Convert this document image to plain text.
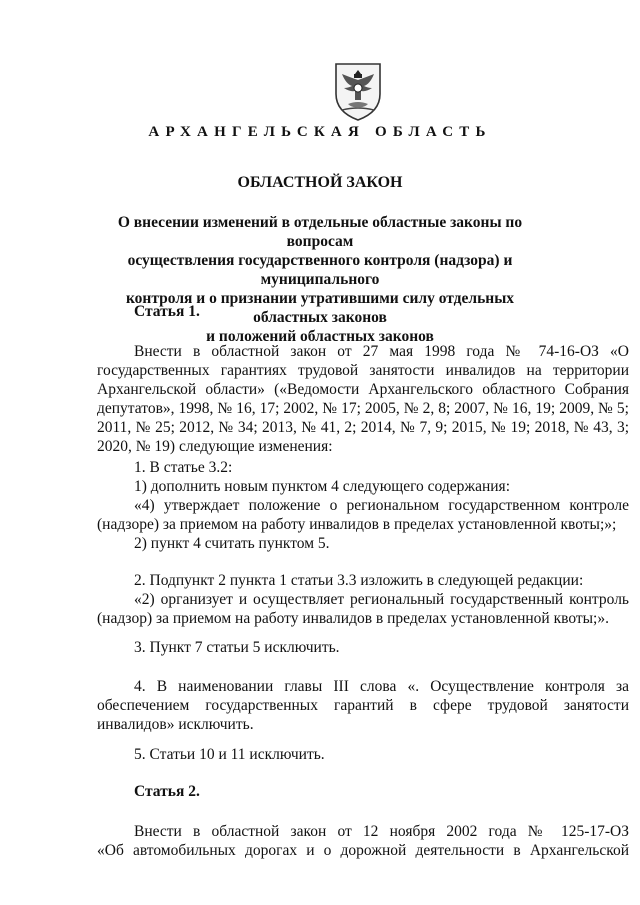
АРХАНГЕЛЬСКАЯ ОБЛАСТЬ
ОБЛАСТНОЙ ЗАКОН
О внесении изменений в отдельные областные законы по вопросам
осуществления государственного контроля (надзора) и муниципального
контроля и о признании утратившими силу отдельных областных законов
и положений областных законов
Статья 1.

Внести в областной закон от 27 мая 1998 года № 74-16-ОЗ «О государственных гарантиях трудовой занятости инвалидов на территории Архангельской области» («Ведомости Архангельского областного Собрания депутатов», 1998, № 16, 17; 2002, № 17; 2005, № 2, 8; 2007, № 16, 19; 2009, № 5; 2011, № 25; 2012, № 34; 2013, № 41, 2; 2014, № 7, 9; 2015, № 19; 2018, № 43, 3; 2020, № 19) следующие изменения:

1. В статье 3.2:

1) дополнить новым пунктом 4 следующего содержания:

«4) утверждает положение о региональном государственном контроле (надзоре) за приемом на работу инвалидов в пределах установленной квоты;»;

2) пункт 4 считать пунктом 5.

2. Подпункт 2 пункта 1 статьи 3.3 изложить в следующей редакции:

«2) организует и осуществляет региональный государственный контроль (надзор) за приемом на работу инвалидов в пределах установленной квоты;».

3. Пункт 7 статьи 5 исключить.

4. В наименовании главы III слова «. Осуществление контроля за обеспечением государственных гарантий в сфере трудовой занятости инвалидов» исключить.

5. Статьи 10 и 11 исключить.

Статья 2.

Внести в областной закон от 12 ноября 2002 года № 125-17-ОЗ

«Об автомобильных дорогах и о дорожной деятельности в Архангельской
